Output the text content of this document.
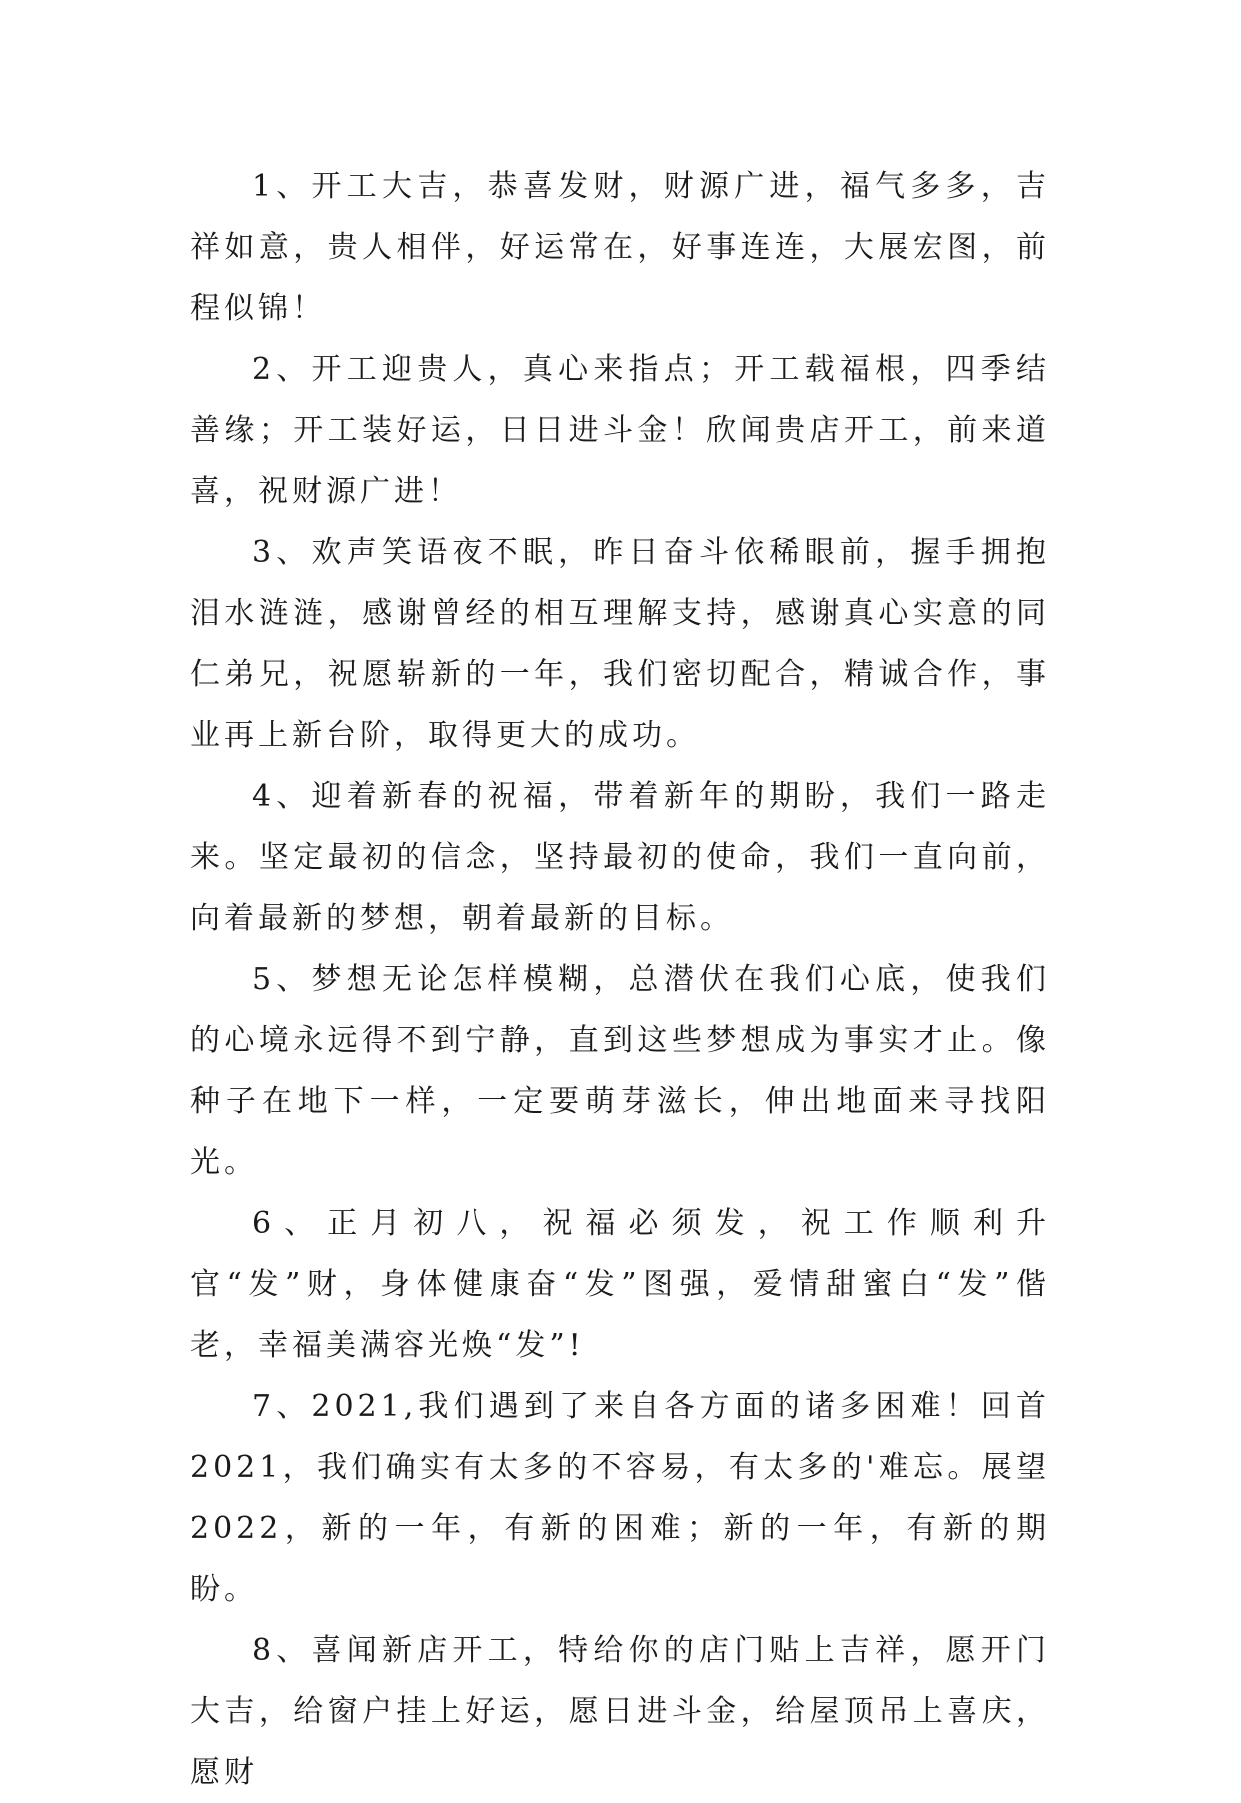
1、开工大吉，恭喜发财，财源广进，福气多多，吉祥如意，贵人相伴，好运常在，好事连连，大展宏图，前程似锦！

2、开工迎贵人，真心来指点；开工载福根，四季结善缘；开工装好运，日日进斗金！欣闻贵店开工，前来道喜，祝财源广进！

3、欢声笑语夜不眠，昨日奋斗依稀眼前，握手拥抱泪水涟涟，感谢曾经的相互理解支持，感谢真心实意的同仁弟兄，祝愿崭新的一年，我们密切配合，精诚合作，事业再上新台阶，取得更大的成功。

4、迎着新春的祝福，带着新年的期盼，我们一路走来。坚定最初的信念，坚持最初的使命，我们一直向前，向着最新的梦想，朝着最新的目标。

5、梦想无论怎样模糊，总潜伏在我们心底，使我们的心境永远得不到宁静，直到这些梦想成为事实才止。像种子在地下一样，一定要萌芽滋长，伸出地面来寻找阳光。

6、正月初八，祝福必须发，祝工作顺利升官“发”财，身体健康奋“发”图强，爱情甜蜜白“发”偕老，幸福美满容光焕“发”!

7、2021,我们遇到了来自各方面的诸多困难！回首2021，我们确实有太多的不容易，有太多的'难忘。展望2022，新的一年，有新的困难；新的一年，有新的期盼。

8、喜闻新店开工，特给你的店门贴上吉祥，愿开门大吉，给窗户挂上好运，愿日进斗金，给屋顶吊上喜庆，愿财
